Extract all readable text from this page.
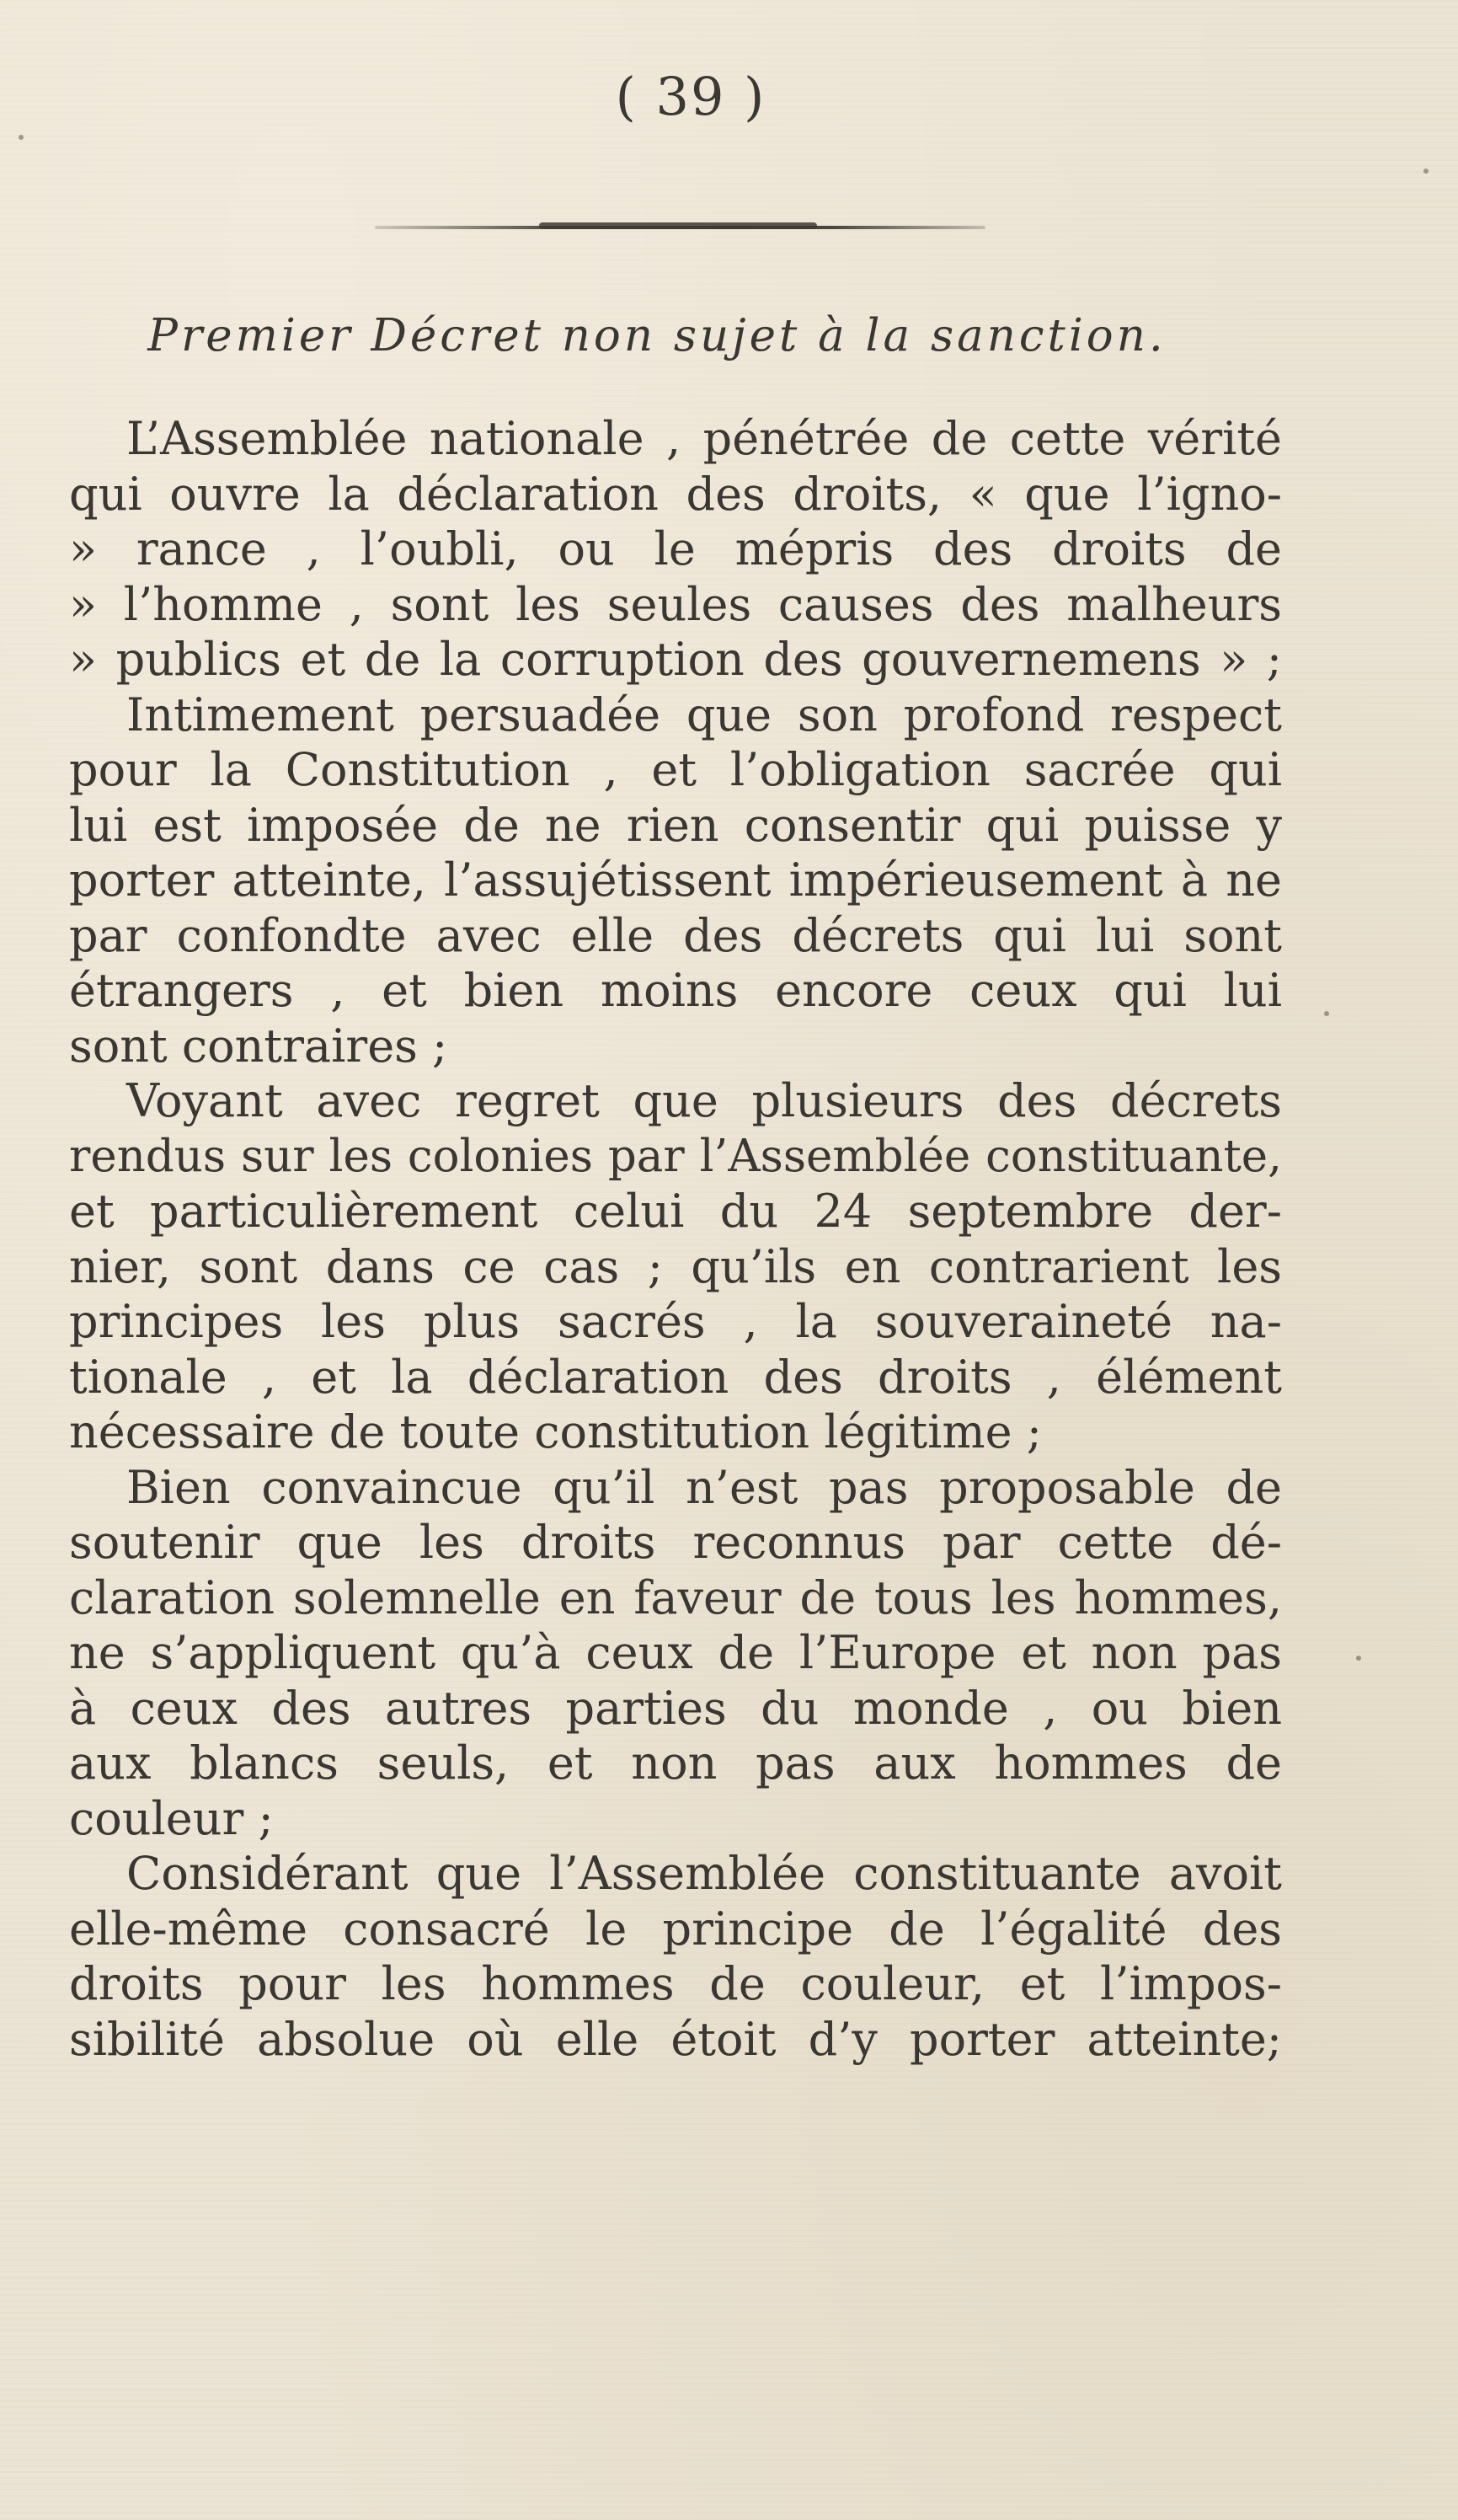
( 39 )
Premier Décret non sujet à la sanction.
L’Assemblée nationale , pénétrée de cette vérité
qui ouvre la déclaration des droits, « que l’igno-
» rance , l’oubli, ou le mépris des droits de
» l’homme , sont les seules causes des malheurs
» publics et de la corruption des gouvernemens » ;
Intimement persuadée que son profond respect
pour la Constitution , et l’obligation sacrée qui
lui est imposée de ne rien consentir qui puisse y
porter atteinte, l’assujétissent impérieusement à ne
par confondte avec elle des décrets qui lui sont
étrangers , et bien moins encore ceux qui lui
sont contraires ;
Voyant avec regret que plusieurs des décrets
rendus sur les colonies par l’Assemblée constituante,
et particulièrement celui du 24 septembre der-
nier, sont dans ce cas ; qu’ils en contrarient les
principes les plus sacrés , la souveraineté na-
tionale , et la déclaration des droits , élément
nécessaire de toute constitution légitime ;
Bien convaincue qu’il n’est pas proposable de
soutenir que les droits reconnus par cette dé-
claration solemnelle en faveur de tous les hommes,
ne s’appliquent qu’à ceux de l’Europe et non pas
à ceux des autres parties du monde , ou bien
aux blancs seuls, et non pas aux hommes de
couleur ;
Considérant que l’Assemblée constituante avoit
elle-même consacré le principe de l’égalité des
droits pour les hommes de couleur, et l’impos-
sibilité absolue où elle étoit d’y porter atteinte;
